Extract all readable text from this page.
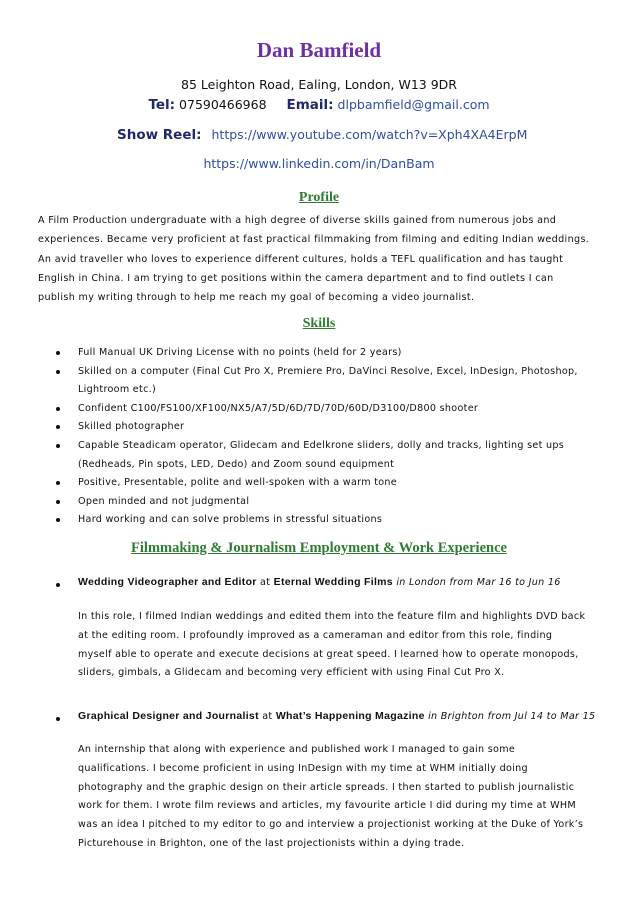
Dan Bamfield
85 Leighton Road, Ealing, London, W13 9DR
Tel: 07590466968 Email: dlpbamfield@gmail.com
Show Reel: https://www.youtube.com/watch?v=Xph4XA4ErpM
https://www.linkedin.com/in/DanBam
Profile
A Film Production undergraduate with a high degree of diverse skills gained from numerous jobs and
experiences. Became very proficient at fast practical filmmaking from filming and editing Indian weddings.
An avid traveller who loves to experience different cultures, holds a TEFL qualification and has taught
English in China. I am trying to get positions within the camera department and to find outlets I can
publish my writing through to help me reach my goal of becoming a video journalist.
Skills
Full Manual UK Driving License with no points (held for 2 years)
Skilled on a computer (Final Cut Pro X, Premiere Pro, DaVinci Resolve, Excel, InDesign, Photoshop,
Lightroom etc.)
Confident C100/FS100/XF100/NX5/A7/5D/6D/7D/70D/60D/D3100/D800 shooter
Skilled photographer
Capable Steadicam operator, Glidecam and Edelkrone sliders, dolly and tracks, lighting set ups
(Redheads, Pin spots, LED, Dedo) and Zoom sound equipment
Positive, Presentable, polite and well-spoken with a warm tone
Open minded and not judgmental
Hard working and can solve problems in stressful situations
Filmmaking & Journalism Employment & Work Experience
Wedding Videographer and Editor at Eternal Wedding Films in London from Mar 16 to Jun 16
In this role, I filmed Indian weddings and edited them into the feature film and highlights DVD back
at the editing room. I profoundly improved as a cameraman and editor from this role, finding
myself able to operate and execute decisions at great speed. I learned how to operate monopods,
sliders, gimbals, a Glidecam and becoming very efficient with using Final Cut Pro X.
Graphical Designer and Journalist at What’s Happening Magazine in Brighton from Jul 14 to Mar 15
An internship that along with experience and published work I managed to gain some
qualifications. I become proficient in using InDesign with my time at WHM initially doing
photography and the graphic design on their article spreads. I then started to publish journalistic
work for them. I wrote film reviews and articles, my favourite article I did during my time at WHM
was an idea I pitched to my editor to go and interview a projectionist working at the Duke of York’s
Picturehouse in Brighton, one of the last projectionists within a dying trade.
